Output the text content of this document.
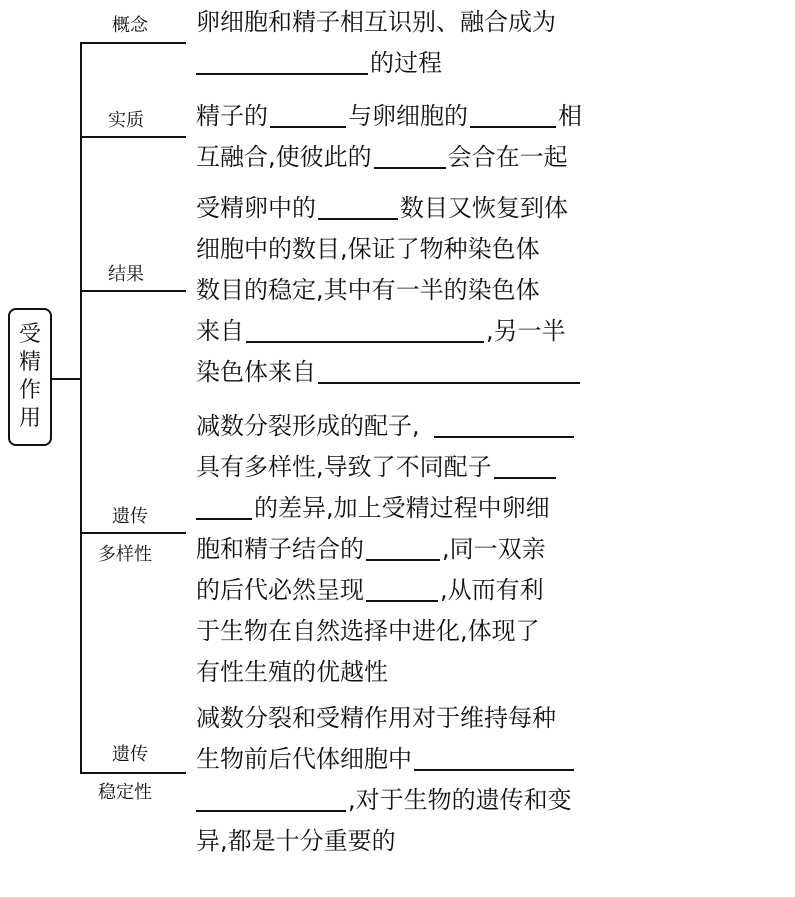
受
精
作
用
概念
实质
结果
遗传
多样性
遗传
稳定性
卵细胞和精子相互识别、融合成为
的过程
精子的	与卵细胞的	相
互融合,使彼此的	会合在一起
受精卵中的	数目又恢复到体
细胞中的数目,保证了物种染色体
数目的稳定,其中有一半的染色体
来自	,另一半
染色体来自
减数分裂形成的配子,
具有多样性,导致了不同配子
的差异,加上受精过程中卵细
胞和精子结合的	,同一双亲
的后代必然呈现	,从而有利
于生物在自然选择中进化,体现了
有性生殖的优越性
减数分裂和受精作用对于维持每种
生物前后代体细胞中
,对于生物的遗传和变
异,都是十分重要的
